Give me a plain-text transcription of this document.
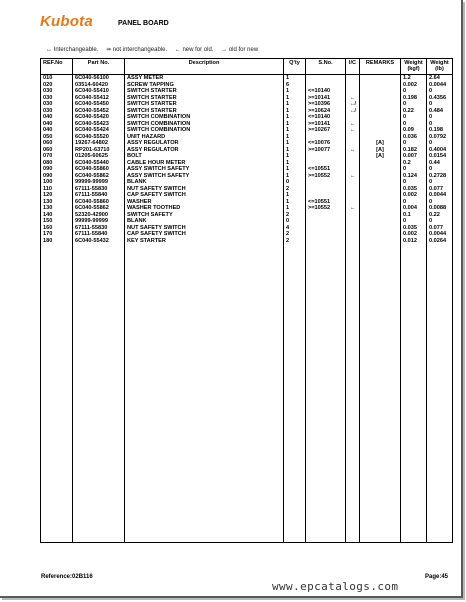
Kubota	PANEL BOARD
↔ Interchangeable. ⇸ not interchangeable. ← new for old. → old for new
REF.No	Part No.	Description	Q'ty	S.No.	I/C	REMARKS	Weight (kgf)	Weight (lb)
010	6C040-56100	ASSY METER	1				1.2	2.64
020	03514-60420	SCREW TAPPING	6				0.002	0.0044
030	6C040-55410	SWITCH STARTER	1	<=10140			0	0
030	6C040-55412	SWITCH STARTER	1	>=10141	←		0.198	0.4356
030	6C040-55450	SWITCH STARTER	1	>=10396	↚		0	0
030	6C040-55452	SWITCH STARTER	1	>=10624	↚		0.22	0.484
040	6C040-55420	SWITCH COMBINATION	1	<=10140			0	0
040	6C040-55423	SWITCH COMBINATION	1	>=10141	←		0	0
040	6C040-55424	SWITCH COMBINATION	1	>=10267	←		0.09	0.198
050	6C040-55520	UNIT HAZARD	1				0.036	0.0792
060	19267-64802	ASSY REGULATOR	1	<=10076		[A]	0	0
060	RP201-63710	ASSY REGULATOR	1	>=10077	↔	[A]	0.182	0.4004
070	01205-60625	BOLT	1			[A]	0.007	0.0154
080	6C040-55440	CABLE HOUR METER	1				0.2	0.44
090	6C040-55860	ASSY SWITCH SAFETY	1	<=10551			0	0
090	6C040-55862	ASSY SWITCH SAFETY	1	>=10552	←		0.124	0.2728
100	99999-99999	BLANK	0				0	0
110	67111-55830	NUT SAFETY SWITCH	2				0.035	0.077
120	67111-55840	CAP SAFETY SWITCH	1				0.002	0.0044
130	6C040-55860	WASHER	1	<=10551			0	0
130	6C040-55862	WASHER TOOTHED	1	>=10552	←		0.004	0.0088
140	52320-42900	SWITCH SAFETY	2				0.1	0.22
150	99999-99999	BLANK	0				0	0
160	67111-55830	NUT SAFETY SWITCH	4				0.035	0.077
170	67111-55840	CAP SAFETY SWITCH	2				0.002	0.0044
180	6C040-55432	KEY STARTER	2				0.012	0.0264

Reference:02B116	Page:45
www.epcatalogs.com
